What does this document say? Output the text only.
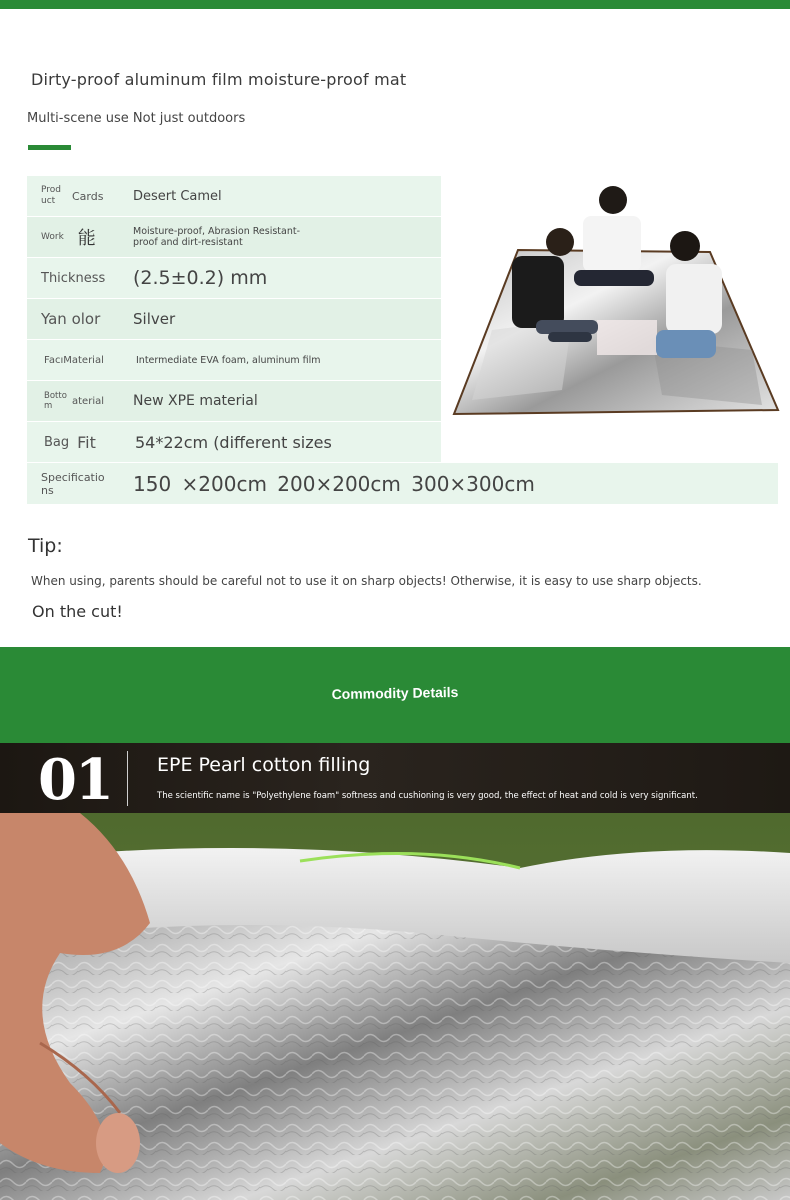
Dirty-proof aluminum film moisture-proof mat
Multi-scene use Not just outdoors
Prod
uct	Cards Desert Camel
Work 能	Moisture-proof, Abrasion Resistant-
proof and dirt-resistant
Thickness (2.5±0.2) mm
Yan olor Silver
FacıMaterial	Intermediate EVA foam, aluminum film
Botto
m	aterial New XPE material
Bag Fit 54*22cm (different sizes
Specificatio
ns	150 ×200cm 200×200cm 300×300cm
Tip:
When using, parents should be careful not to use it on sharp objects! Otherwise, it is easy to use sharp objects.
On the cut!
Commodity Details
01 EPE Pearl cotton filling
The scientific name is "Polyethylene foam" softness and cushioning is very good, the effect of heat and cold is very significant.
